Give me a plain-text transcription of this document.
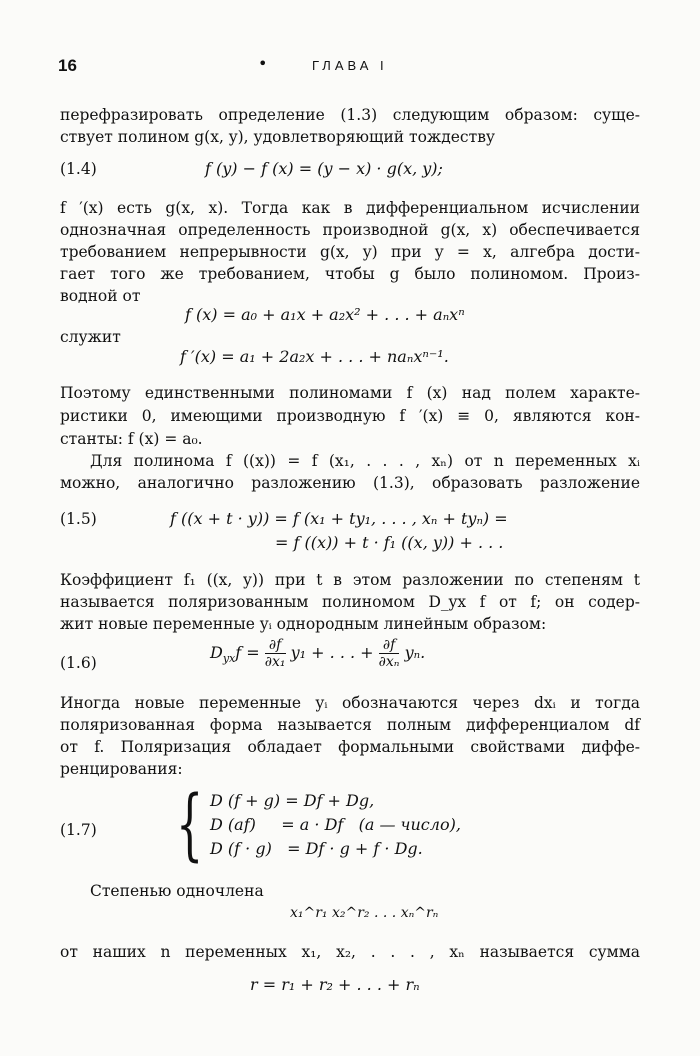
16	•	ГЛАВА I
перефразировать определение (1.3) следующим образом: суще-
ствует полином g(x, y), удовлетворяющий тождеству
(1.4)	f (y) − f (x) = (y − x) · g(x, y);
f ′(x) есть g(x, x). Тогда как в дифференциальном исчислении
однозначная определенность производной g(x, x) обеспечивается
требованием непрерывности g(x, y) при y = x, алгебра дости-
гает того же требованием, чтобы g было полиномом. Произ-
водной от
f (x) = a₀ + a₁x + a₂x² + . . . + aₙxⁿ
служит
f ′(x) = a₁ + 2a₂x + . . . + naₙxⁿ⁻¹.
Поэтому единственными полиномами f (x) над полем характе-
ристики 0, имеющими производную f ′(x) ≡ 0, являются кон-
станты: f (x) = a₀.
Для полинома f ((x)) = f (x₁, . . . , xₙ) от n переменных xᵢ
можно, аналогично разложению (1.3), образовать разложение
(1.5)	f ((x + t · y)) = f (x₁ + ty₁, . . . , xₙ + tyₙ) =
= f ((x)) + t · f₁ ((x, y)) + . . .
Коэффициент f₁ ((x, y)) при t в этом разложении по степеням t
называется поляризованным полиномом D_yx f от f; он содер-
жит новые переменные yᵢ однородным линейным образом:
(1.6)
$D_{yx}f = \frac{\partial f}{\text{∂x₁}} y_1$ + . . . + $\frac{\partial f}{\text{∂xₙ}} y_n$.
Иногда новые переменные yᵢ обозначаются через dxᵢ и тогда
поляризованная форма называется полным дифференциалом df
от f. Поляризация обладает формальными свойствами диффе-
ренцирования:
(1.7) { D (f + g) = Df + Dg,
D (af)     = a · Df   (a — число),
D (f · g)   = Df · g + f · Dg.
Степенью одночлена
x₁^r₁ x₂^r₂ . . . xₙ^rₙ
от наших n переменных x₁, x₂, . . . , xₙ называется сумма
r = r₁ + r₂ + . . . + rₙ
